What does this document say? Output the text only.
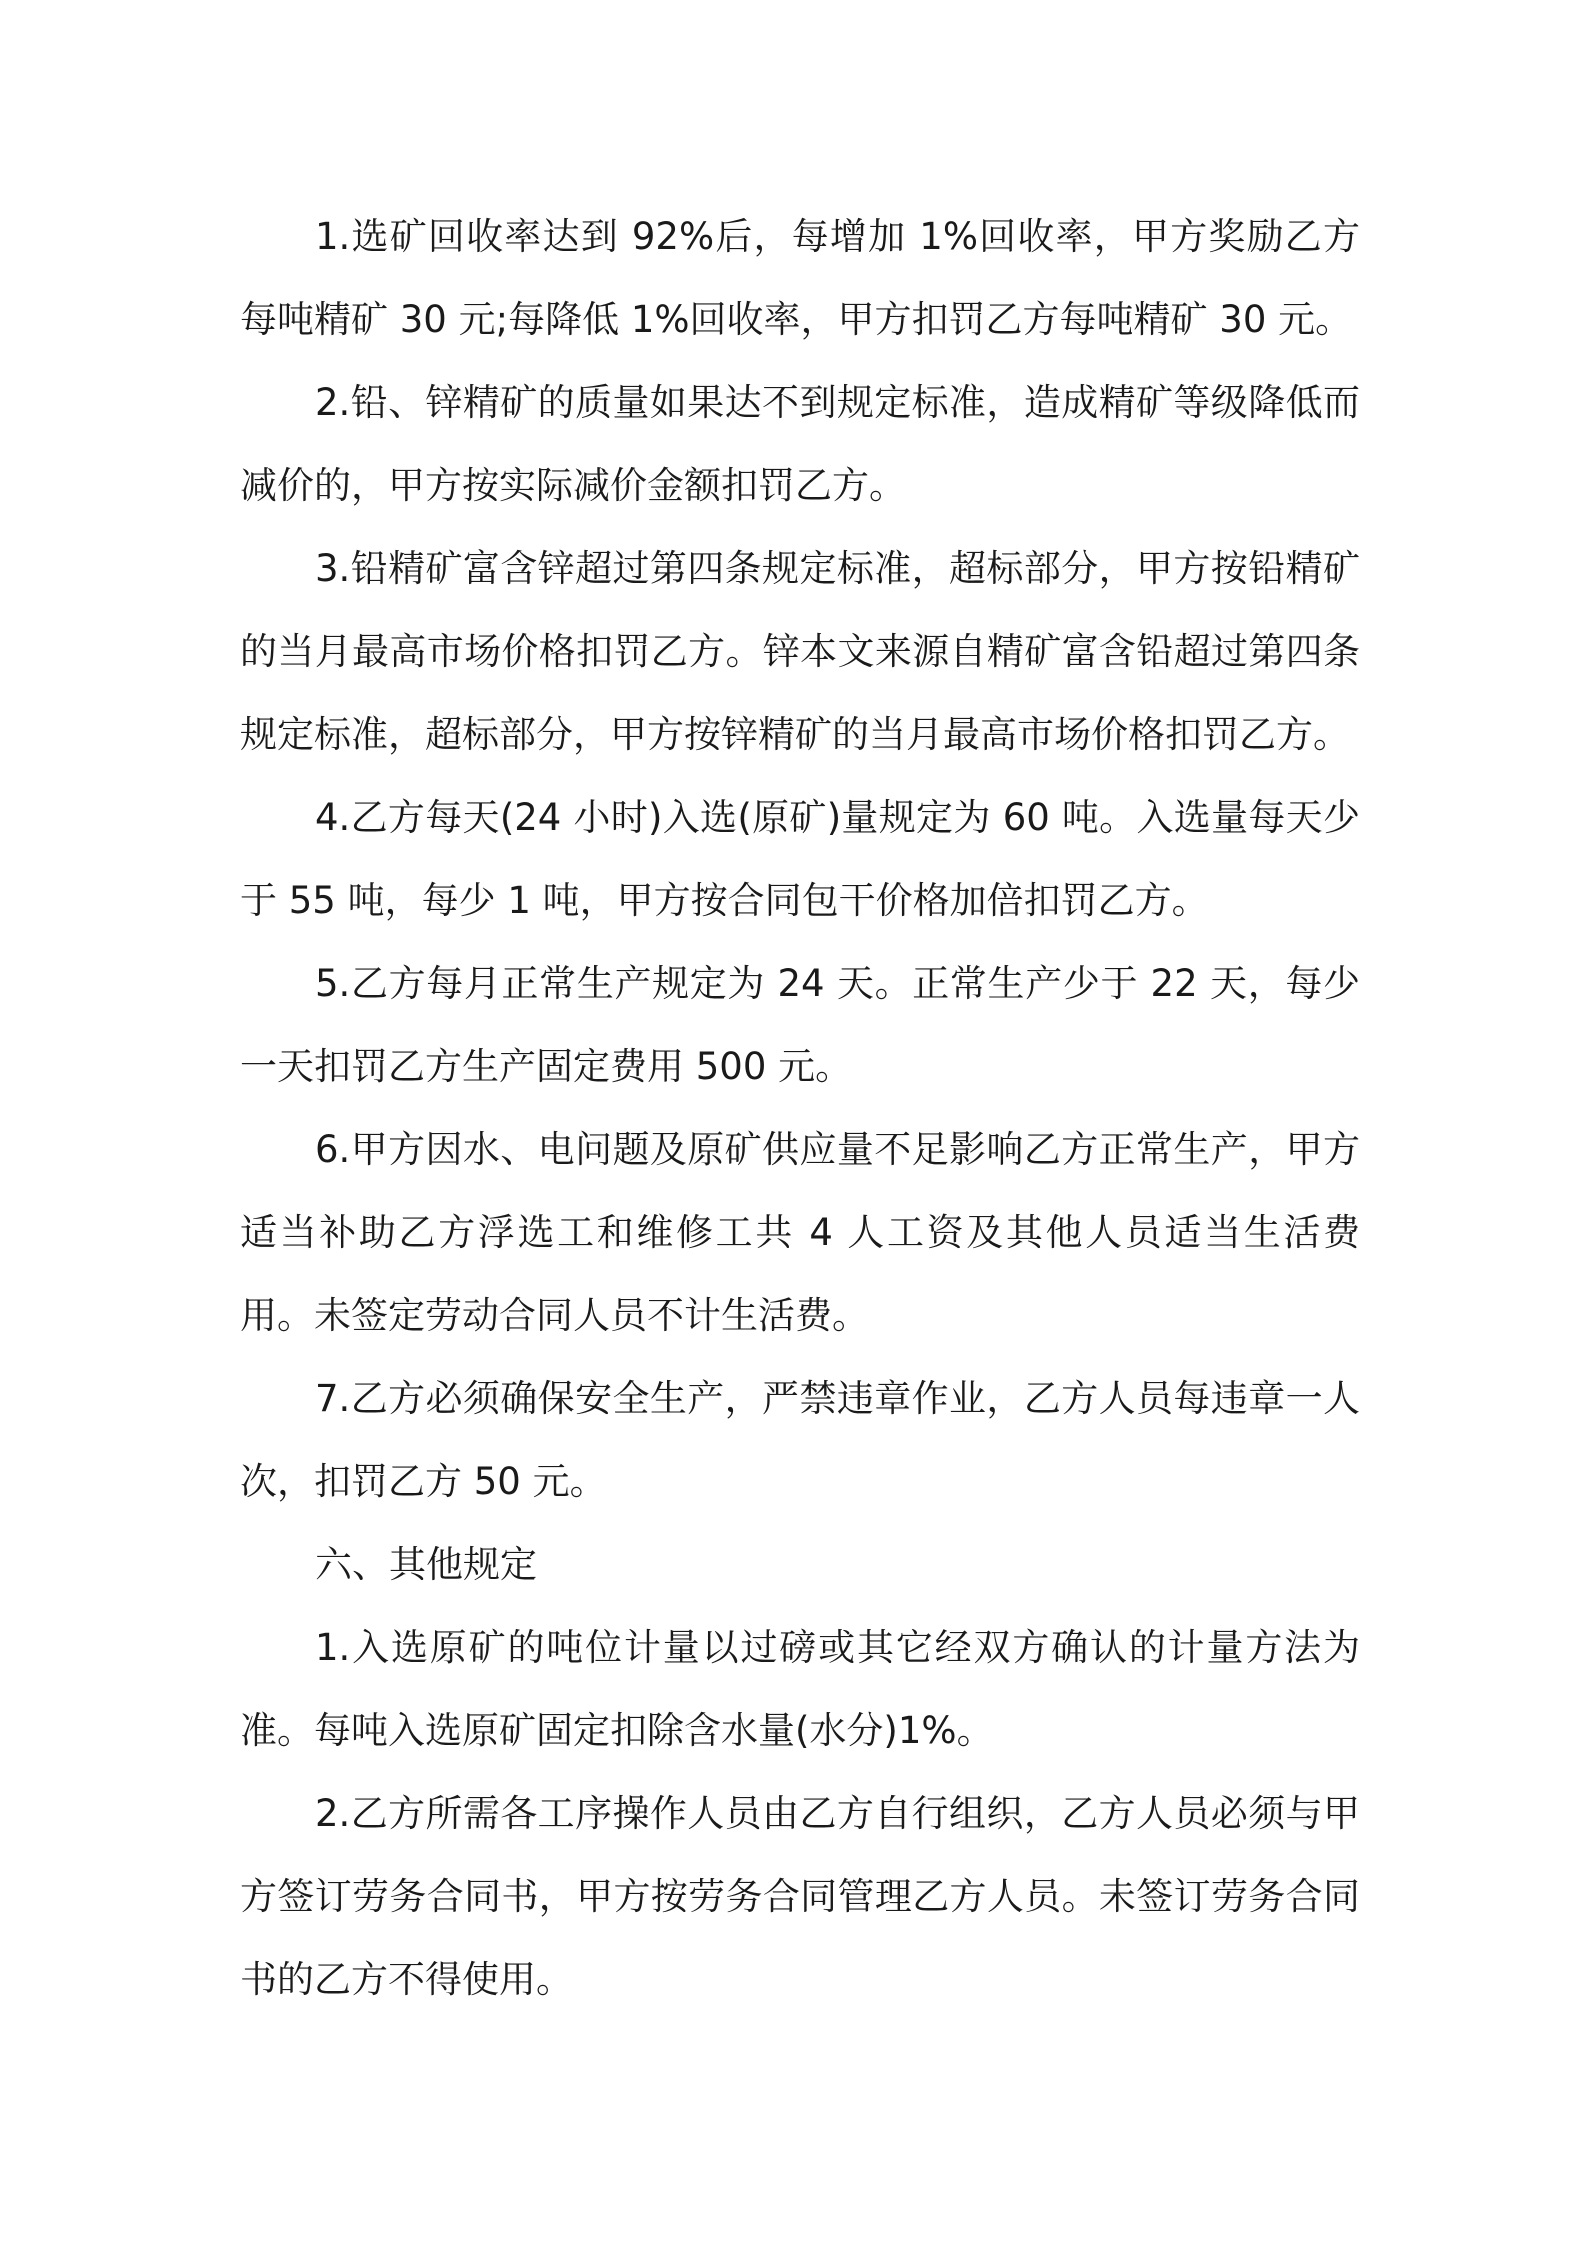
1.选矿回收率达到 92%后，每增加 1%回收率，甲方奖励乙方每吨精矿 30 元;每降低 1%回收率，甲方扣罚乙方每吨精矿 30 元。

2.铅、锌精矿的质量如果达不到规定标准，造成精矿等级降低而减价的，甲方按实际减价金额扣罚乙方。

3.铅精矿富含锌超过第四条规定标准，超标部分，甲方按铅精矿的当月最高市场价格扣罚乙方。锌本文来源自精矿富含铅超过第四条规定标准，超标部分，甲方按锌精矿的当月最高市场价格扣罚乙方。

4.乙方每天(24 小时)入选(原矿)量规定为 60 吨。入选量每天少于 55 吨，每少 1 吨，甲方按合同包干价格加倍扣罚乙方。

5.乙方每月正常生产规定为 24 天。正常生产少于 22 天，每少一天扣罚乙方生产固定费用 500 元。

6.甲方因水、电问题及原矿供应量不足影响乙方正常生产，甲方适当补助乙方浮选工和维修工共 4 人工资及其他人员适当生活费用。未签定劳动合同人员不计生活费。

7.乙方必须确保安全生产，严禁违章作业，乙方人员每违章一人次，扣罚乙方 50 元。

六、其他规定

1.入选原矿的吨位计量以过磅或其它经双方确认的计量方法为准。每吨入选原矿固定扣除含水量(水分)1%。

2.乙方所需各工序操作人员由乙方自行组织，乙方人员必须与甲方签订劳务合同书，甲方按劳务合同管理乙方人员。未签订劳务合同书的乙方不得使用。
